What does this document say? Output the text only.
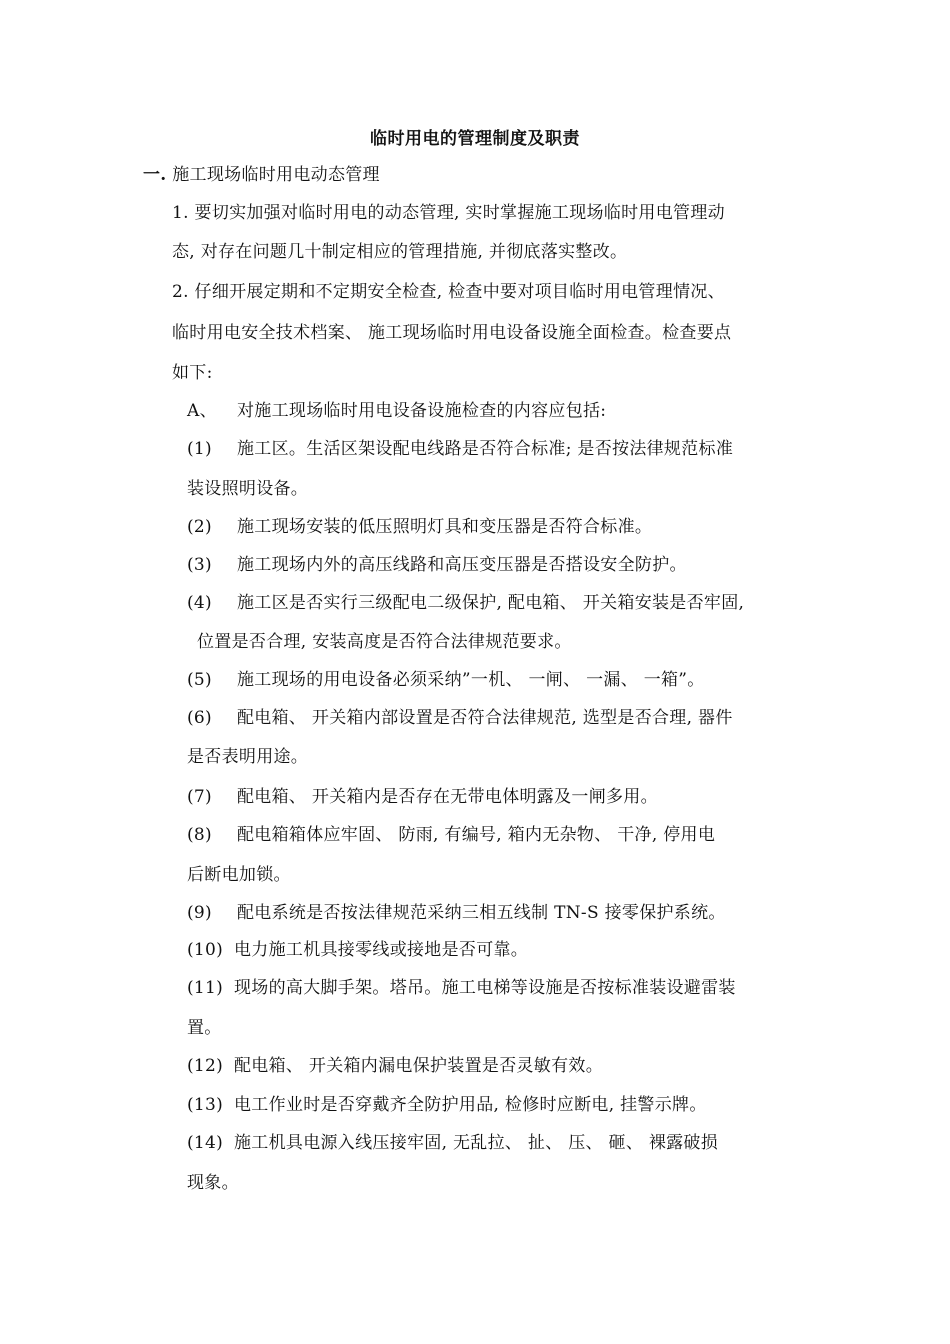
临时用电的管理制度及职责
一. 施工现场临时用电动态管理
1. 要切实加强对临时用电的动态管理, 实时掌握施工现场临时用电管理动
态, 对存在问题几十制定相应的管理措施, 并彻底落实整改。
2. 仔细开展定期和不定期安全检查, 检查中要对项目临时用电管理情况、
临时用电安全技术档案、 施工现场临时用电设备设施全面检查。检查要点
如下:
A、 对施工现场临时用电设备设施检查的内容应包括:
(1) 施工区。生活区架设配电线路是否符合标准; 是否按法律规范标准
装设照明设备。
(2) 施工现场安装的低压照明灯具和变压器是否符合标准。
(3) 施工现场内外的高压线路和高压变压器是否搭设安全防护。
(4) 施工区是否实行三级配电二级保护, 配电箱、 开关箱安装是否牢固,
位置是否合理, 安装高度是否符合法律规范要求。
(5) 施工现场的用电设备必须采纳”一机、 一闸、 一漏、 一箱”。
(6) 配电箱、 开关箱内部设置是否符合法律规范, 选型是否合理, 器件
是否表明用途。
(7) 配电箱、 开关箱内是否存在无带电体明露及一闸多用。
(8) 配电箱箱体应牢固、 防雨, 有编号, 箱内无杂物、 干净, 停用电
后断电加锁。
(9) 配电系统是否按法律规范采纳三相五线制 TN-S 接零保护系统。
(10) 电力施工机具接零线或接地是否可靠。
(11) 现场的高大脚手架。塔吊。施工电梯等设施是否按标准装设避雷装
置。
(12) 配电箱、 开关箱内漏电保护装置是否灵敏有效。
(13) 电工作业时是否穿戴齐全防护用品, 检修时应断电, 挂警示牌。
(14) 施工机具电源入线压接牢固, 无乱拉、 扯、 压、 砸、 裸露破损
现象。
